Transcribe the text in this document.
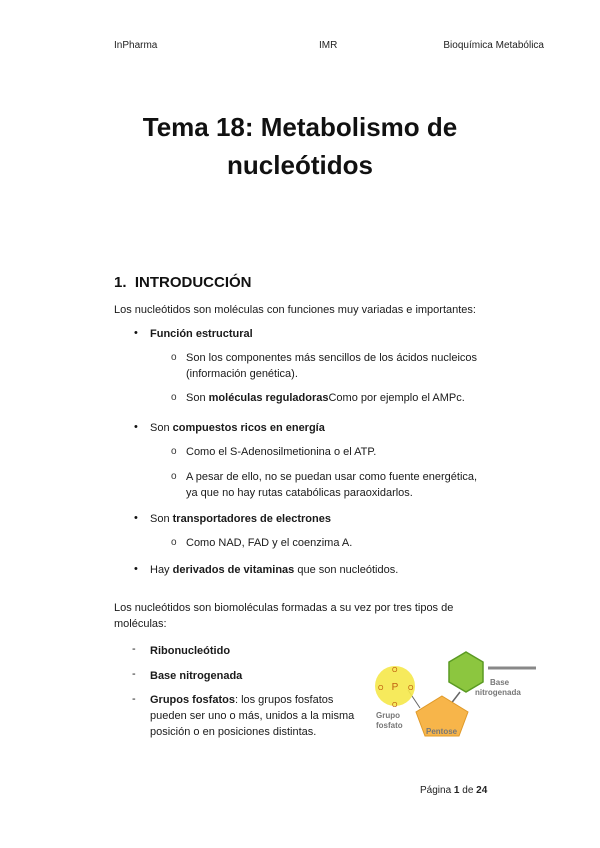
InPharma	IMR	Bioquímica Metabólica
Tema 18: Metabolismo de
nucleótidos
1. INTRODUCCIÓN
Los nucleótidos son moléculas con funciones muy variadas e importantes:
• Función estructural
o Son los componentes más sencillos de los ácidos nucleicos
(información genética).
o Son moléculas reguladorasComo por ejemplo el AMPc.
• Son compuestos ricos en energía
o Como el S-Adenosilmetionina o el ATP.
o A pesar de ello, no se puedan usar como fuente energética,
ya que no hay rutas catabólicas paraoxidarlos.
• Son transportadores de electrones
o Como NAD, FAD y el coenzima A.
• Hay derivados de vitaminas que son nucleótidos.
Los nucleótidos son biomoléculas formadas a su vez por tres tipos de
moléculas:
- Ribonucleótido
- Base nitrogenada
- Grupos fosfatos: los grupos fosfatos
pueden ser uno o más, unidos a la misma
posición o en posiciones distintas.
P
O	O
O
O
Base
nitrogenada
Grupo
fosfato
Pentose
Página 1 de 24
